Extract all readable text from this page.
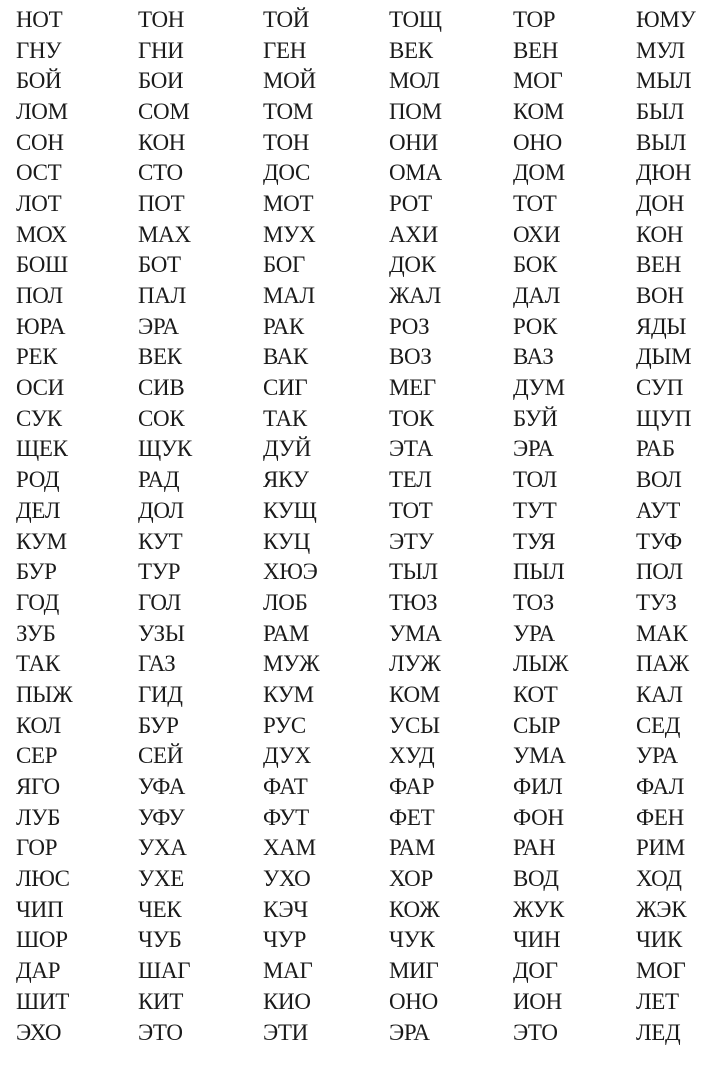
НОТ	ТОН	ТОЙ	ТОЩ	ТОР	ЮМУ
ГНУ	ГНИ	ГЕН	ВЕК	ВЕН	МУЛ
БОЙ	БОИ	МОЙ	МОЛ	МОГ	МЫЛ
ЛОМ	СОМ	ТОМ	ПОМ	КОМ	БЫЛ
СОН	КОН	ТОН	ОНИ	ОНО	ВЫЛ
ОСТ	СТО	ДОС	ОМА	ДОМ	ДЮН
ЛОТ	ПОТ	МОТ	РОТ	ТОТ	ДОН
МОХ	МАХ	МУХ	АХИ	ОХИ	КОН
БОШ	БОТ	БОГ	ДОК	БОК	ВЕН
ПОЛ	ПАЛ	МАЛ	ЖАЛ	ДАЛ	ВОН
ЮРА	ЭРА	РАК	РОЗ	РОК	ЯДЫ
РЕК	ВЕК	ВАК	ВОЗ	ВАЗ	ДЫМ
ОСИ	СИВ	СИГ	МЕГ	ДУМ	СУП
СУК	СОК	ТАК	ТОК	БУЙ	ЩУП
ЩЕК	ЩУК	ДУЙ	ЭТА	ЭРА	РАБ
РОД	РАД	ЯКУ	ТЕЛ	ТОЛ	ВОЛ
ДЕЛ	ДОЛ	КУЩ	ТОТ	ТУТ	АУТ
КУМ	КУТ	КУЦ	ЭТУ	ТУЯ	ТУФ
БУР	ТУР	ХЮЭ	ТЫЛ	ПЫЛ	ПОЛ
ГОД	ГОЛ	ЛОБ	ТЮЗ	ТОЗ	ТУЗ
ЗУБ	УЗЫ	РАМ	УМА	УРА	МАК
ТАК	ГАЗ	МУЖ	ЛУЖ	ЛЫЖ	ПАЖ
ПЫЖ	ГИД	КУМ	КОМ	КОТ	КАЛ
КОЛ	БУР	РУС	УСЫ	СЫР	СЕД
СЕР	СЕЙ	ДУХ	ХУД	УМА	УРА
ЯГО	УФА	ФАТ	ФАР	ФИЛ	ФАЛ
ЛУБ	УФУ	ФУТ	ФЕТ	ФОН	ФЕН
ГОР	УХА	ХАМ	РАМ	РАН	РИМ
ЛЮС	УХЕ	УХО	ХОР	ВОД	ХОД
ЧИП	ЧЕК	КЭЧ	КОЖ	ЖУК	ЖЭК
ШОР	ЧУБ	ЧУР	ЧУК	ЧИН	ЧИК
ДАР	ШАГ	МАГ	МИГ	ДОГ	МОГ
ШИТ	КИТ	КИО	ОНО	ИОН	ЛЕТ
ЭХО	ЭТО	ЭТИ	ЭРА	ЭТО	ЛЕД
